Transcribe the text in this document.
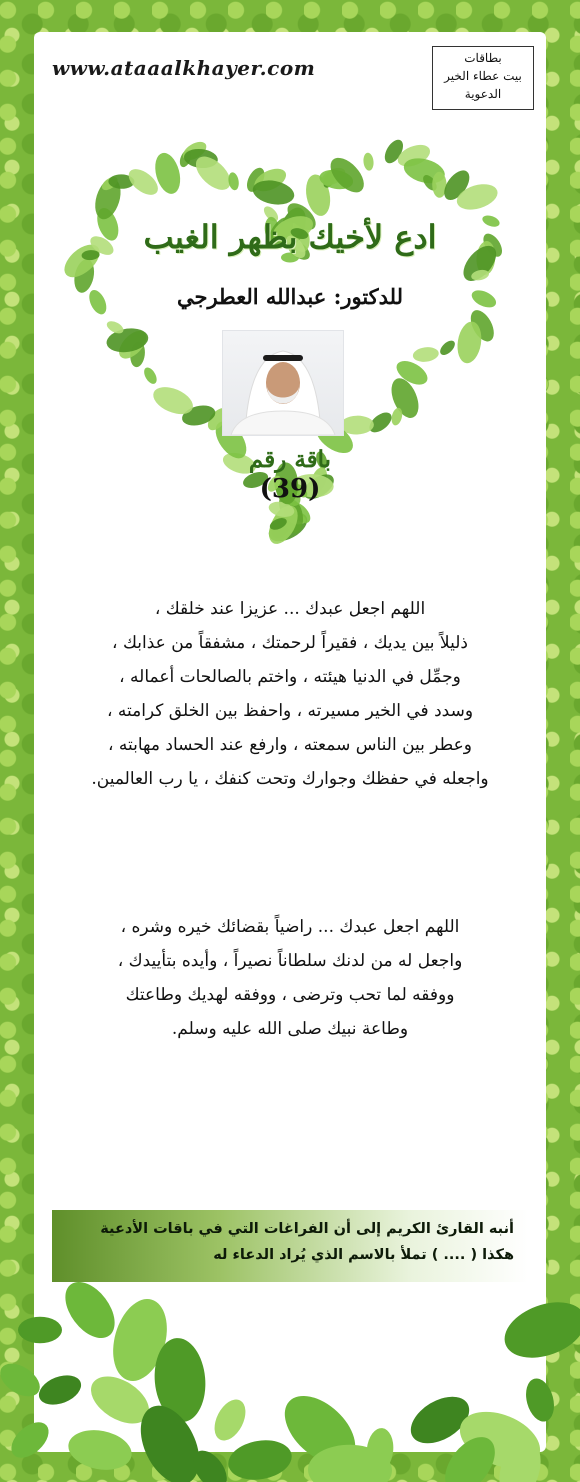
www.ataaalkhayer.com	بطاقات
بيت عطاء الخير
الدعوية
ادع لأخيك بظهر الغيب
للدكتور: عبدالله العطرجي
باقة رقم
(39)
اللهم اجعل عبدك ... عزيزا عند خلقك ،
ذليلاً بين يديك ، فقيراً لرحمتك ، مشفقاً من عذابك ،
وجمِّل في الدنيا هيئته ، واختم بالصالحات أعماله ،
وسدد في الخير مسيرته ، واحفظ بين الخلق كرامته ،
وعطر بين الناس سمعته ، وارفع عند الحساد مهابته ،
واجعله في حفظك وجوارك وتحت كنفك ، يا رب العالمين.
اللهم اجعل عبدك ... راضياً بقضائك خيره وشره ،
واجعل له من لدنك سلطاناً نصيراً ، وأيده بتأييدك ،
ووفقه لما تحب وترضى ، ووفقه لهديك وطاعتك
وطاعة نبيك صلى الله عليه وسلم.
أنبه القارئ الكريم إلى أن الفراغات التي في باقات الأدعية
هكذا ( .... ) تملأ بالاسم الذي يُراد الدعاء له
